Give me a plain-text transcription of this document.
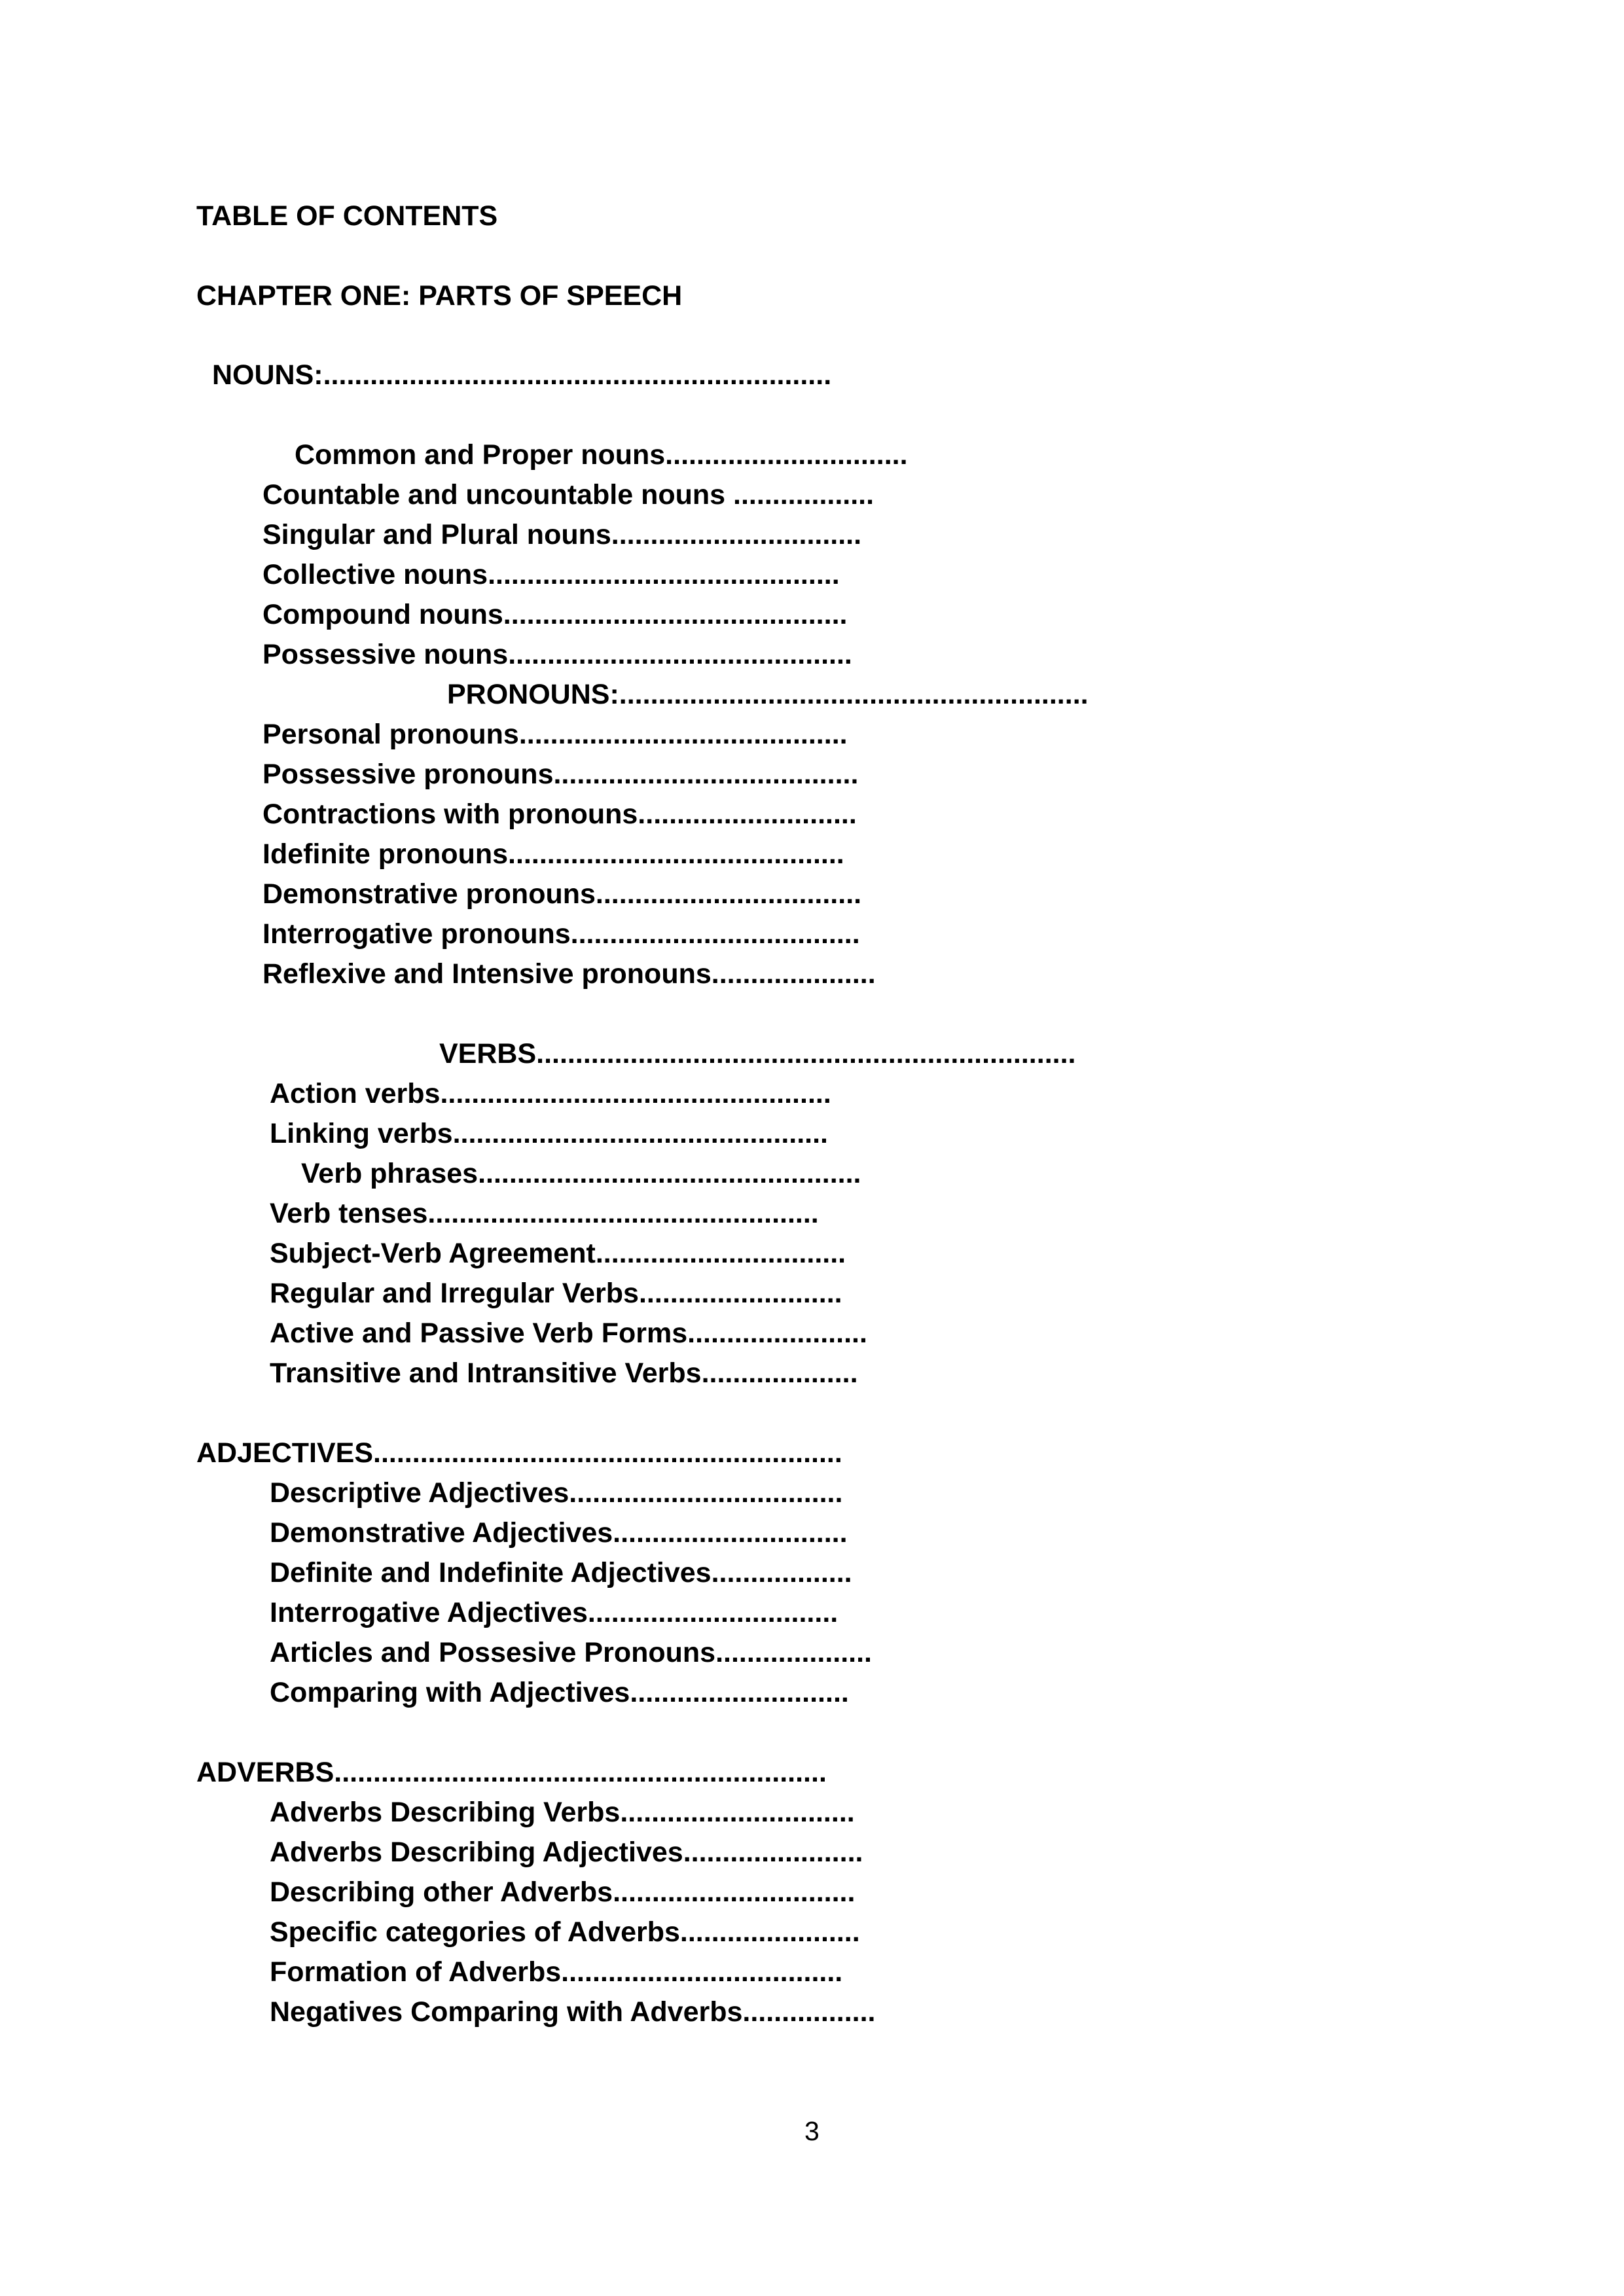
TABLE OF CONTENTS
CHAPTER ONE: PARTS OF SPEECH
NOUNS:.................................................................
Common and Proper nouns...............................
Countable and uncountable nouns ..................
Singular and Plural nouns................................
Collective nouns.............................................
Compound nouns............................................
Possessive nouns............................................
PRONOUNS:............................................................
Personal pronouns..........................................
Possessive pronouns.......................................
Contractions with pronouns............................
Idefinite pronouns...........................................
Demonstrative pronouns..................................
Interrogative pronouns.....................................
Reflexive and Intensive pronouns.....................
VERBS.....................................................................
Action verbs..................................................
Linking verbs................................................
Verb phrases.................................................
Verb tenses..................................................
Subject-Verb Agreement................................
Regular and Irregular Verbs..........................
Active and Passive Verb Forms.......................
Transitive and Intransitive Verbs....................
ADJECTIVES............................................................
Descriptive Adjectives...................................
Demonstrative Adjectives..............................
Definite and Indefinite Adjectives..................
Interrogative Adjectives................................
Articles and Possesive Pronouns....................
Comparing with Adjectives............................
ADVERBS...............................................................
Adverbs Describing Verbs..............................
Adverbs Describing Adjectives.......................
Describing other Adverbs...............................
Specific categories of Adverbs.......................
Formation of Adverbs....................................
Negatives Comparing with Adverbs.................
3
